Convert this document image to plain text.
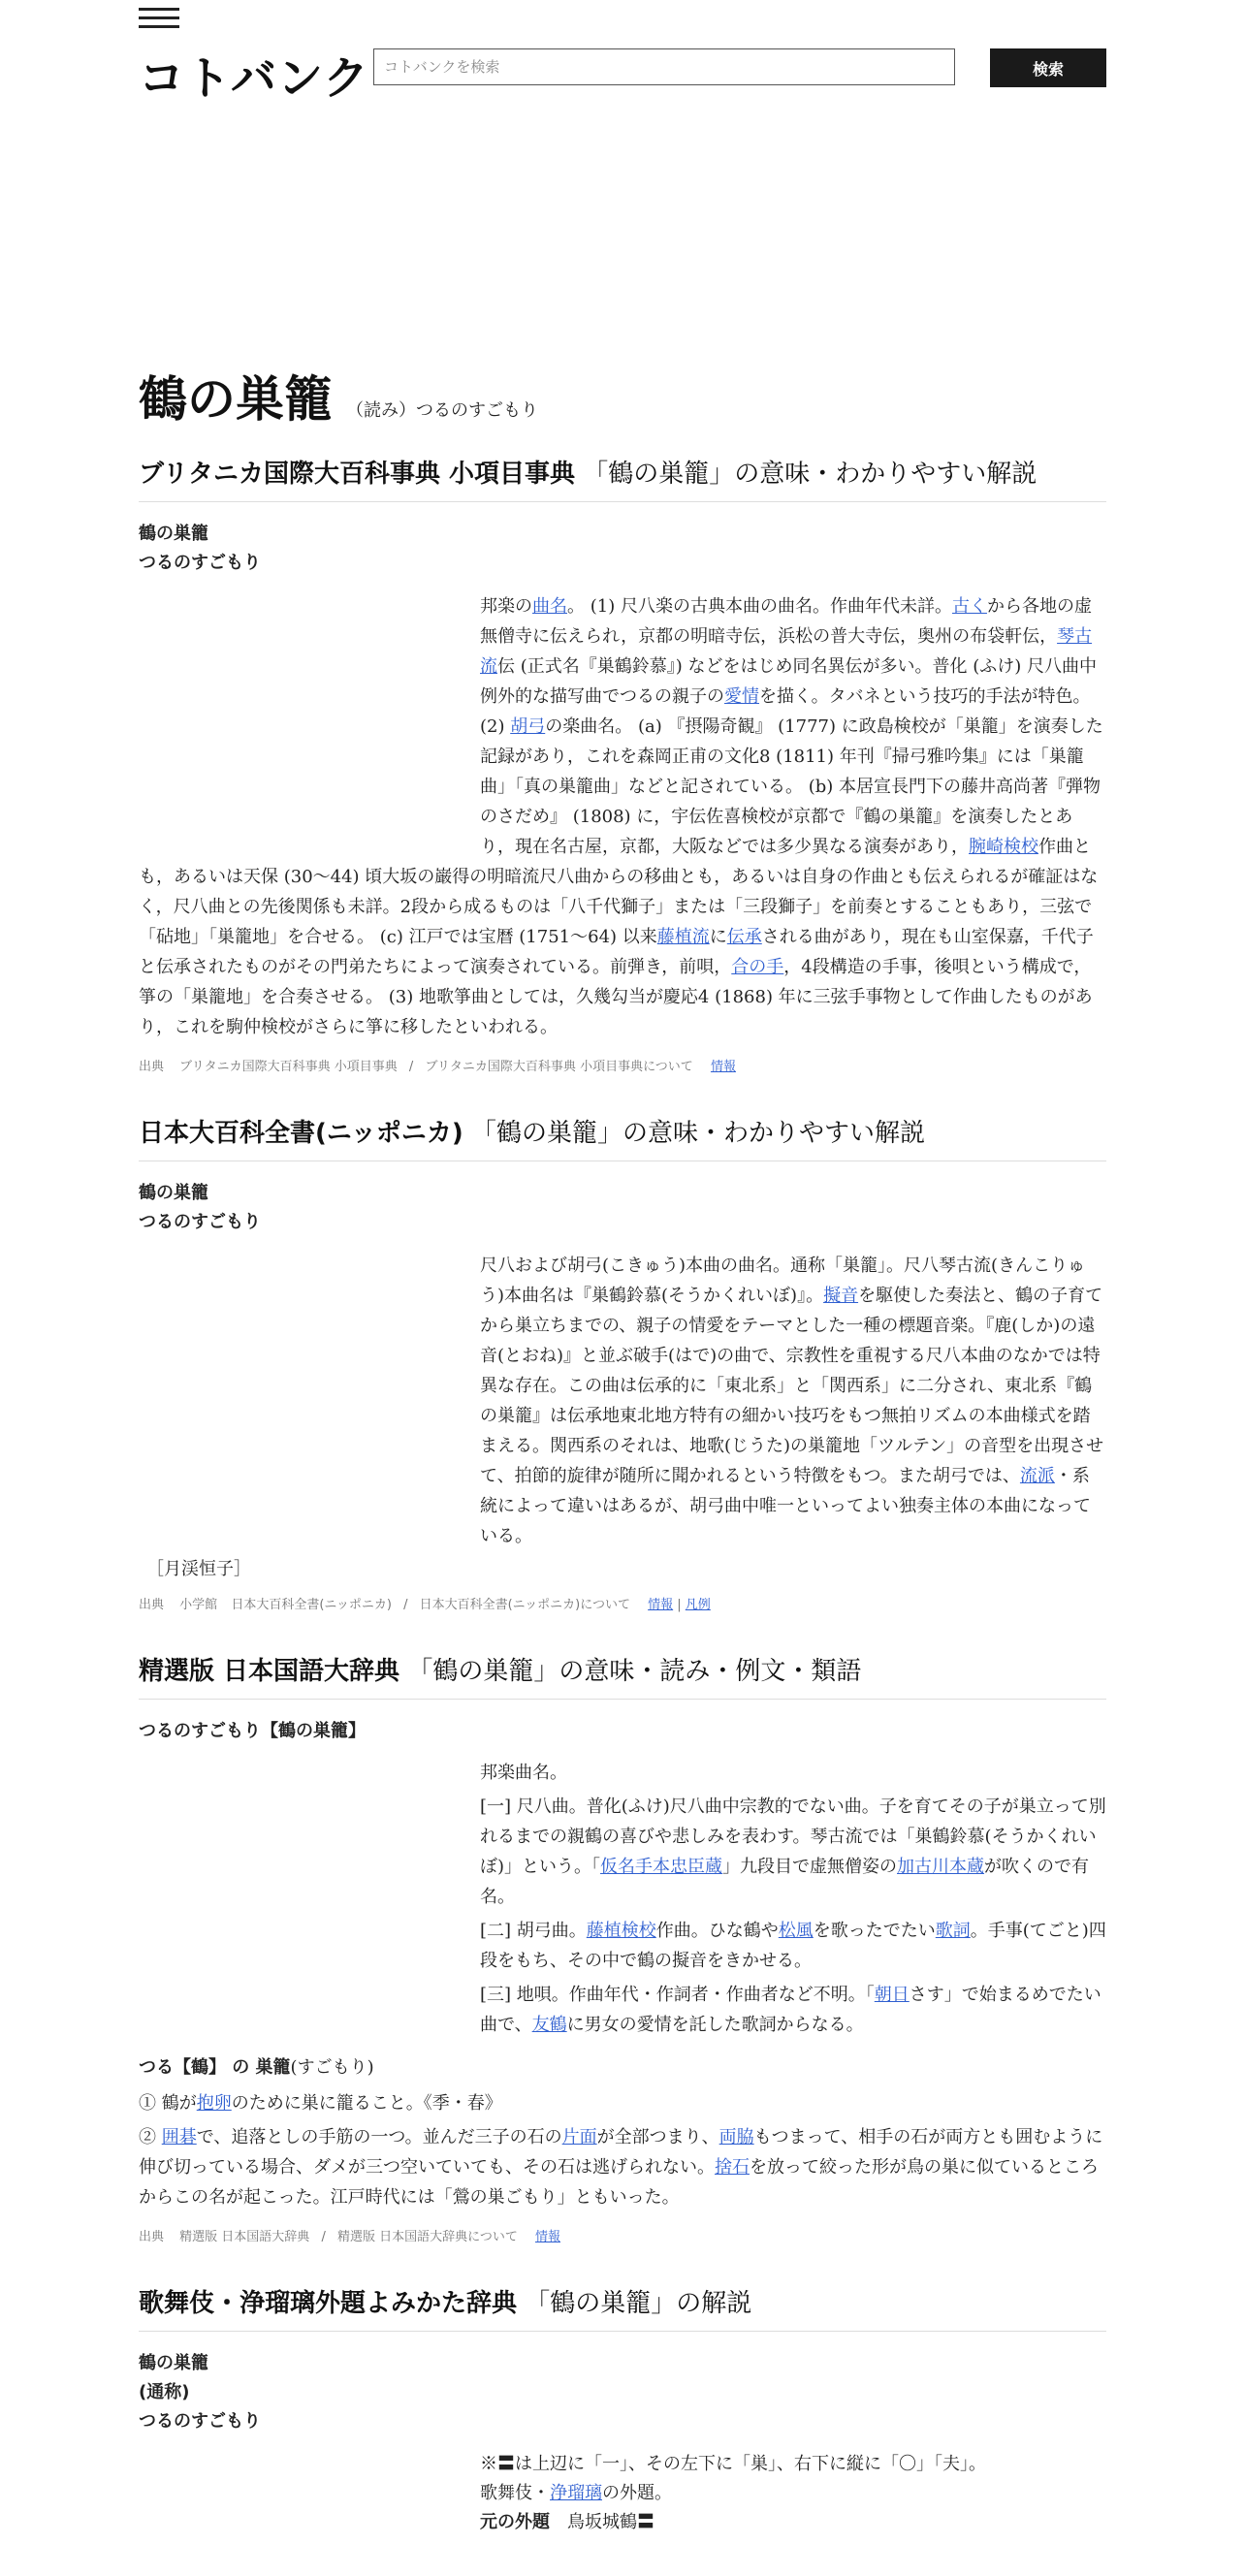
コトバンク
コトバンクを検索	検索
鶴の巣籠 （読み）つるのすごもり
ブリタニカ国際大百科事典 小項目事典 「鶴の巣籠」の意味・わかりやすい解説

鶴の巣籠

つるのすごもり

邦楽の曲名。 (1) 尺八楽の古典本曲の曲名。作曲年代未詳。古くから各地の虚無僧寺に伝えられ，京都の明暗寺伝，浜松の普大寺伝，奥州の布袋軒伝，琴古流伝 (正式名『巣鶴鈴慕』) などをはじめ同名異伝が多い。普化 (ふけ) 尺八曲中例外的な描写曲でつるの親子の愛情を描く。タバネという技巧的手法が特色。 (2) 胡弓の楽曲名。 (a) 『摂陽奇観』 (1777) に政島検校が「巣籠」を演奏した記録があり，これを森岡正甫の文化8 (1811) 年刊『掃弓雅吟集』には「巣籠曲」「真の巣籠曲」などと記されている。 (b) 本居宣長門下の藤井高尚著『弾物のさだめ』 (1808) に，宇伝佐喜検校が京都で『鶴の巣籠』を演奏したとあり，現在名古屋，京都，大阪などでは多少異なる演奏があり，腕崎検校作曲とも，あるいは天保 (30～44) 頃大坂の巌得の明暗流尺八曲からの移曲とも，あるいは自身の作曲とも伝えられるが確証はなく，尺八曲との先後関係も未詳。2段から成るものは「八千代獅子」または「三段獅子」を前奏とすることもあり，三弦で「砧地」「巣籠地」を合せる。 (c) 江戸では宝暦 (1751～64) 以来藤植流に伝承される曲があり，現在も山室保嘉，千代子と伝承されたものがその門弟たちによって演奏されている。前弾き，前唄，合の手，4段構造の手事，後唄という構成で，箏の「巣籠地」を合奏させる。 (3) 地歌箏曲としては，久幾勾当が慶応4 (1868) 年に三弦手事物として作曲したものがあり，これを駒仲検校がさらに箏に移したといわれる。
出典 ブリタニカ国際大百科事典 小項目事典 / ブリタニカ国際大百科事典 小項目事典について 情報
日本大百科全書(ニッポニカ) 「鶴の巣籠」の意味・わかりやすい解説

鶴の巣籠

つるのすごもり

尺八および胡弓(こきゅう)本曲の曲名。通称「巣籠」。尺八琴古流(きんこりゅう)本曲名は『巣鶴鈴慕(そうかくれいぼ)』。擬音を駆使した奏法と、鶴の子育てから巣立ちまでの、親子の情愛をテーマとした一種の標題音楽。『鹿(しか)の遠音(とおね)』と並ぶ破手(はで)の曲で、宗教性を重視する尺八本曲のなかでは特異な存在。この曲は伝承的に「東北系」と「関西系」に二分され、東北系『鶴の巣籠』は伝承地東北地方特有の細かい技巧をもつ無拍リズムの本曲様式を踏まえる。関西系のそれは、地歌(じうた)の巣籠地「ツルテン」の音型を出現させて、拍節的旋律が随所に聞かれるという特徴をもつ。また胡弓では、流派・系統によって違いはあるが、胡弓曲中唯一といってよい独奏主体の本曲になっている。
［月渓恒子］
出典 小学館 日本大百科全書(ニッポニカ) / 日本大百科全書(ニッポニカ)について 情報 | 凡例
精選版 日本国語大辞典 「鶴の巣籠」の意味・読み・例文・類語

つるのすごもり【鶴の巣籠】

邦楽曲名。

[一] 尺八曲。普化(ふけ)尺八曲中宗教的でない曲。子を育てその子が巣立って別れるまでの親鶴の喜びや悲しみを表わす。琴古流では「巣鶴鈴慕(そうかくれいぼ)」という。「仮名手本忠臣蔵」九段目で虚無僧姿の加古川本蔵が吹くので有名。

[二] 胡弓曲。藤植検校作曲。ひな鶴や松風を歌ったでたい歌詞。手事(てごと)四段をもち、その中で鶴の擬音をきかせる。

[三] 地唄。作曲年代・作詞者・作曲者など不明。「朝日さす」で始まるめでたい曲で、友鶴に男女の愛情を託した歌詞からなる。

つる【鶴】 の 巣籠(すごもり)

① 鶴が抱卵のために巣に籠ること。《季・春》

② 囲碁で、追落としの手筋の一つ。並んだ三子の石の片面が全部つまり、両脇もつまって、相手の石が両方とも囲むように伸び切っている場合、ダメが三つ空いていても、その石は逃げられない。捨石を放って絞った形が鳥の巣に似ているところからこの名が起こった。江戸時代には「鶯の巣ごもり」ともいった。

出典 精選版 日本国語大辞典 / 精選版 日本国語大辞典について 情報
歌舞伎・浄瑠璃外題よみかた辞典 「鶴の巣籠」の解説

鶴の巣籠

(通称)

つるのすごもり

※〓は上辺に「一」、その左下に「巣」、右下に縦に「〇」「夫」。
歌舞伎・浄瑠璃の外題。
元の外題　 鳥坂城鶴〓
